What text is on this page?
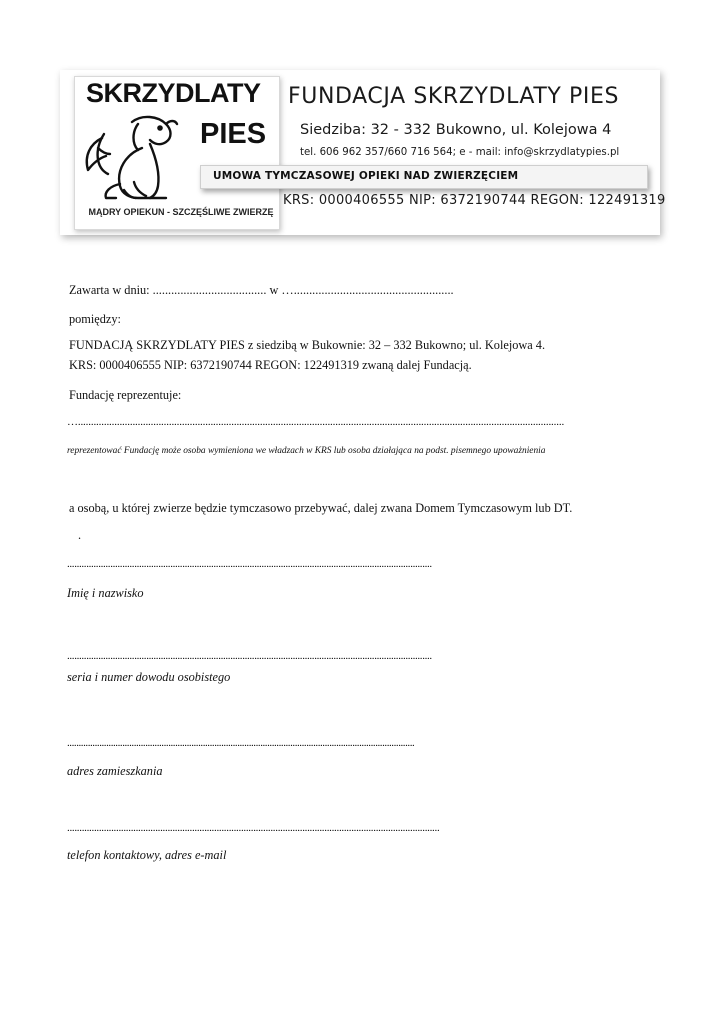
SKRZYDLATY

PIES

MĄDRY OPIEKUN - SZCZĘŚLIWE ZWIERZĘ

FUNDACJA SKRZYDLATY PIES

Siedziba: 32 - 332 Bukowno, ul. Kolejowa 4

tel. 606 962 357/660 716 564; e - mail: info@skrzydlatypies.pl

UMOWA TYMCZASOWEJ OPIEKI NAD ZWIERZĘCIEM

KRS: 0000406555 NIP: 6372190744 REGON: 122491319

Zawarta w dniu: ..................................... w …....................................................

pomiędzy:

FUNDACJĄ SKRZYDLATY PIES z siedzibą w Bukownie: 32 – 332 Bukowno; ul. Kolejowa 4.

KRS: 0000406555 NIP: 6372190744 REGON: 122491319 zwaną dalej Fundacją.

Fundację reprezentuje:

…...........................................................................................................................................................................................

reprezentować Fundację może osoba wymieniona we władzach w KRS lub osoba działająca na podst. pisemnego upoważnienia

a osobą, u której zwierze będzie tymczasowo przebywać, dalej zwana Domem Tymczasowym lub DT.

.

........................................................................................................................................................

Imię i nazwisko

........................................................................................................................................................

seria i numer dowodu osobistego

.......................................................................................................................................................

adres zamieszkania

........................................................................................................................................................

telefon kontaktowy, adres e-mail
